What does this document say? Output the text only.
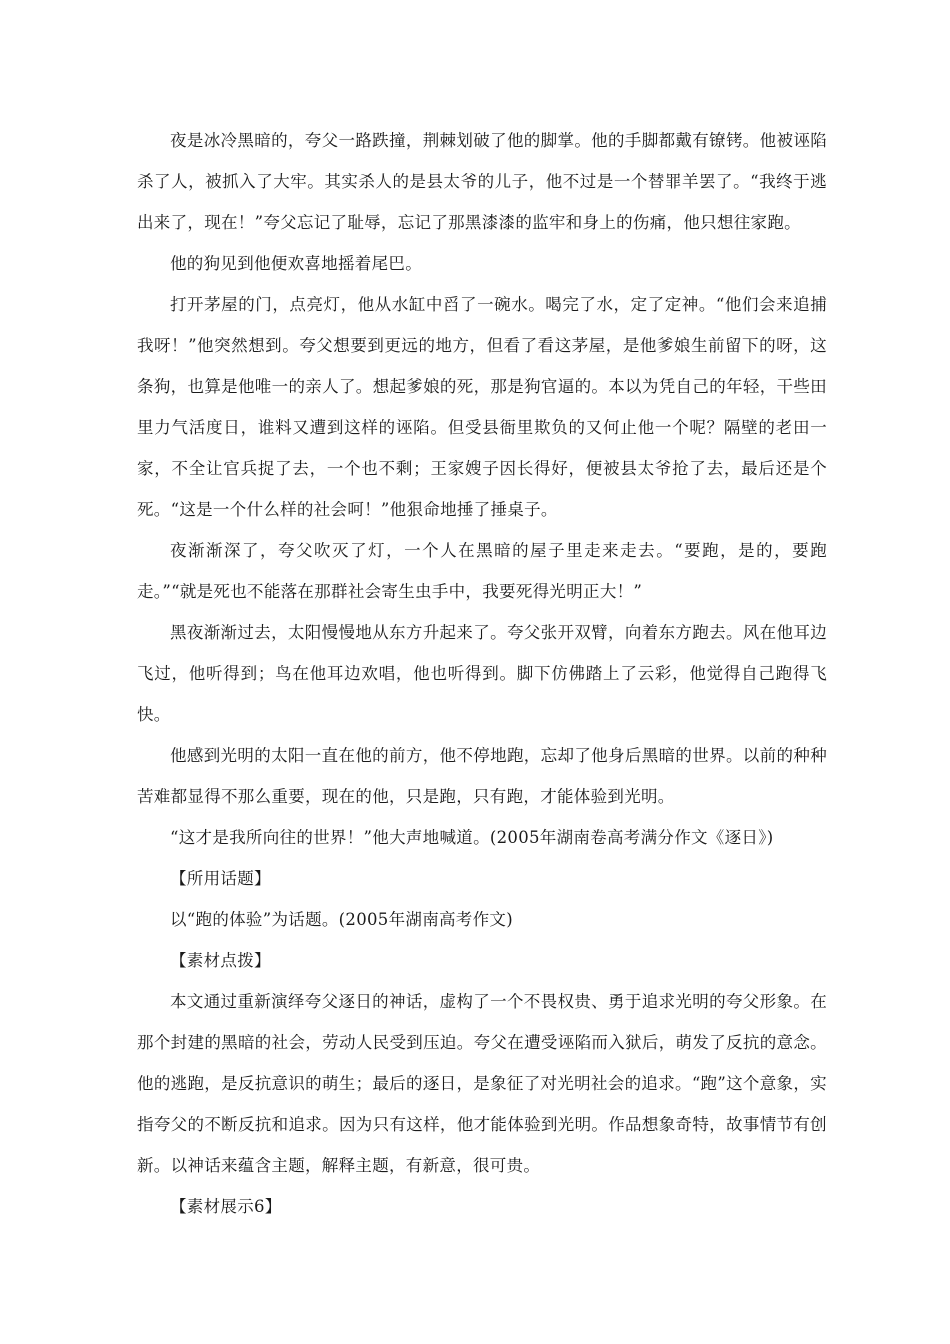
夜是冰冷黑暗的，夸父一路跌撞，荆棘划破了他的脚掌。他的手脚都戴有镣铐。他被诬陷杀了人，被抓入了大牢。其实杀人的是县太爷的儿子，他不过是一个替罪羊罢了。“我终于逃出来了，现在！”夸父忘记了耻辱，忘记了那黑漆漆的监牢和身上的伤痛，他只想往家跑。

他的狗见到他便欢喜地摇着尾巴。

打开茅屋的门，点亮灯，他从水缸中舀了一碗水。喝完了水，定了定神。“他们会来追捕我呀！”他突然想到。夸父想要到更远的地方，但看了看这茅屋，是他爹娘生前留下的呀，这条狗，也算是他唯一的亲人了。想起爹娘的死，那是狗官逼的。本以为凭自己的年轻，干些田里力气活度日，谁料又遭到这样的诬陷。但受县衙里欺负的又何止他一个呢？隔壁的老田一家，不全让官兵捉了去，一个也不剩；王家嫂子因长得好，便被县太爷抢了去，最后还是个死。“这是一个什么样的社会呵！”他狠命地捶了捶桌子。

夜渐渐深了，夸父吹灭了灯，一个人在黑暗的屋子里走来走去。“要跑，是的，要跑走。”“就是死也不能落在那群社会寄生虫手中，我要死得光明正大！”

黑夜渐渐过去，太阳慢慢地从东方升起来了。夸父张开双臂，向着东方跑去。风在他耳边飞过，他听得到；鸟在他耳边欢唱，他也听得到。脚下仿佛踏上了云彩，他觉得自己跑得飞快。

他感到光明的太阳一直在他的前方，他不停地跑，忘却了他身后黑暗的世界。以前的种种苦难都显得不那么重要，现在的他，只是跑，只有跑，才能体验到光明。

“这才是我所向往的世界！”他大声地喊道。(2005年湖南卷高考满分作文《逐日》)

【所用话题】

以“跑的体验”为话题。(2005年湖南高考作文)

【素材点拨】

本文通过重新演绎夸父逐日的神话，虚构了一个不畏权贵、勇于追求光明的夸父形象。在那个封建的黑暗的社会，劳动人民受到压迫。夸父在遭受诬陷而入狱后，萌发了反抗的意念。他的逃跑，是反抗意识的萌生；最后的逐日，是象征了对光明社会的追求。“跑”这个意象，实指夸父的不断反抗和追求。因为只有这样，他才能体验到光明。作品想象奇特，故事情节有创新。以神话来蕴含主题，解释主题，有新意，很可贵。

【素材展示6】
